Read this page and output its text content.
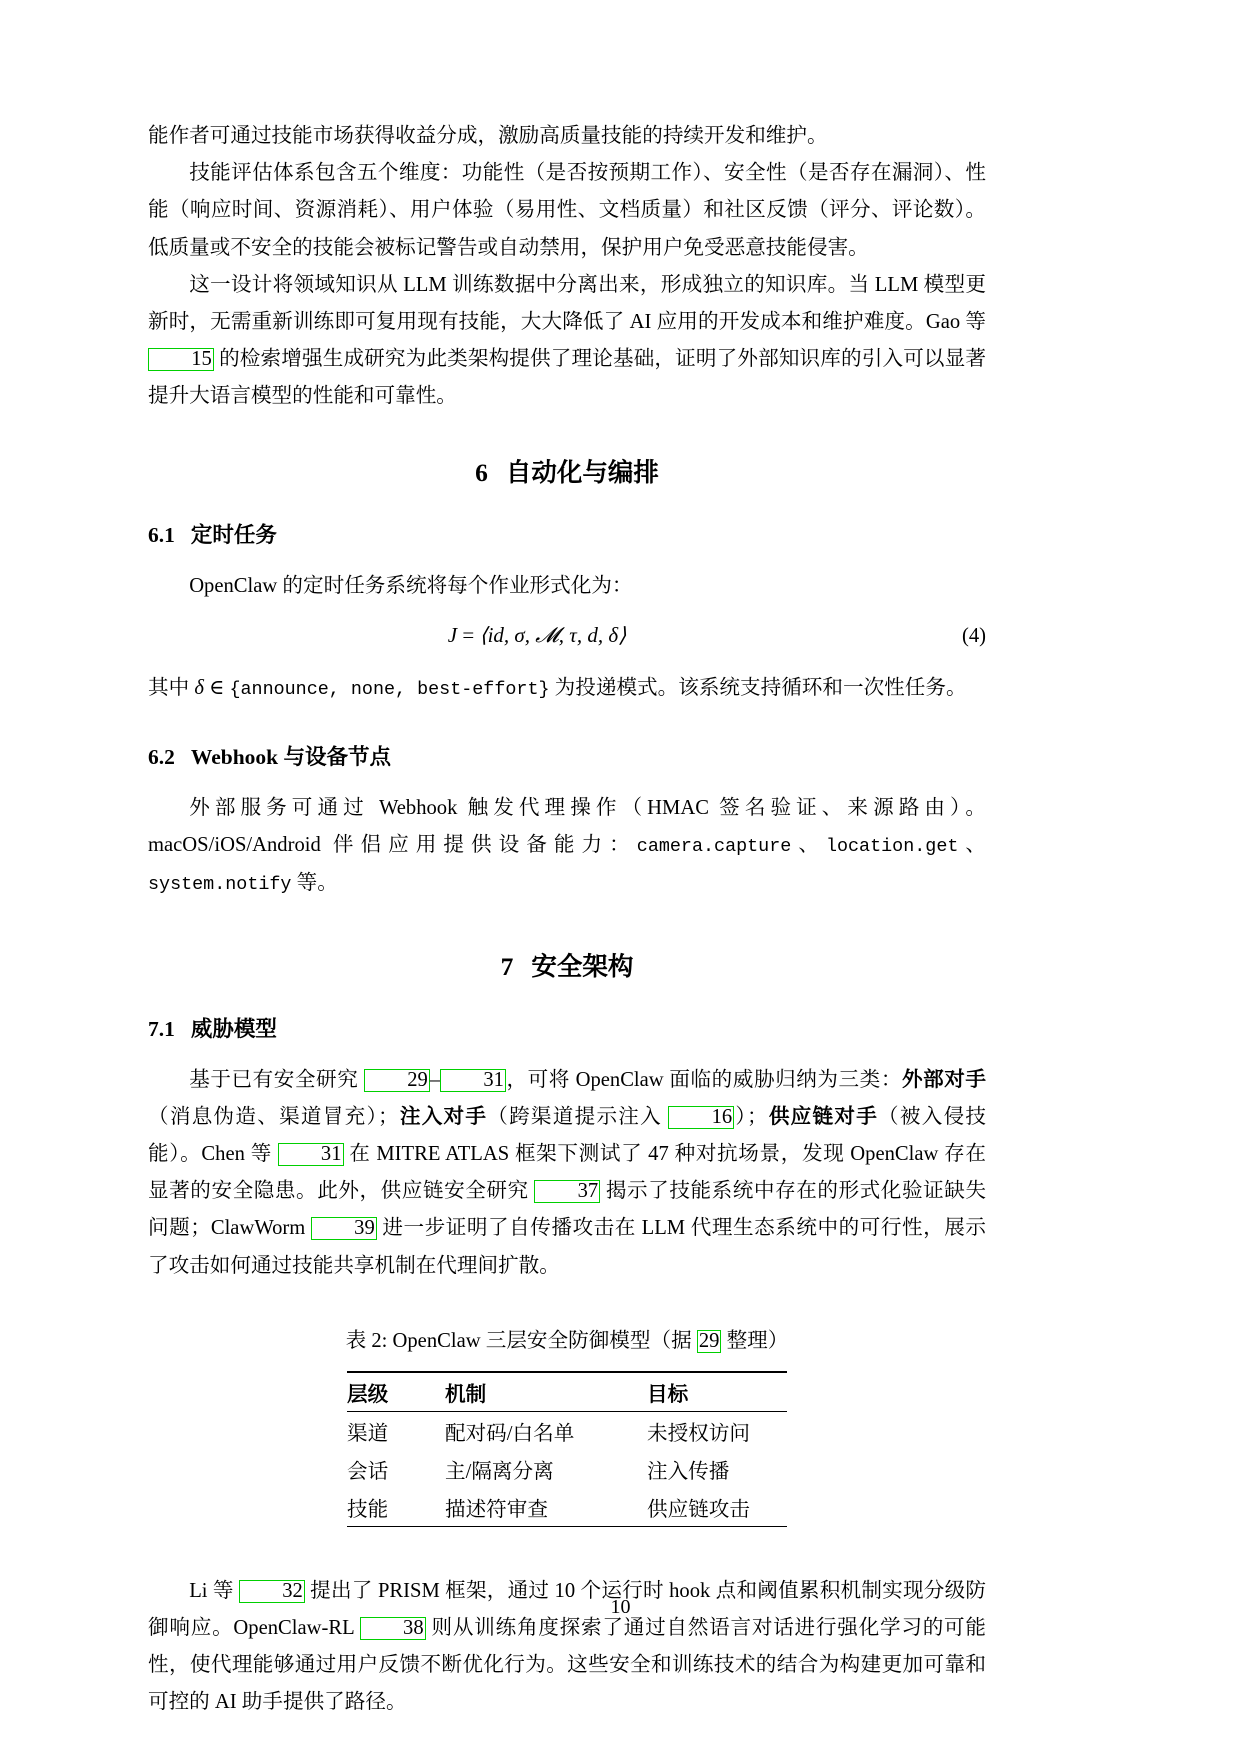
能作者可通过技能市场获得收益分成，激励高质量技能的持续开发和维护。

技能评估体系包含五个维度：功能性（是否按预期工作）、安全性（是否存在漏洞）、性能（响应时间、资源消耗）、用户体验（易用性、文档质量）和社区反馈（评分、评论数）。低质量或不安全的技能会被标记警告或自动禁用，保护用户免受恶意技能侵害。

这一设计将领域知识从 LLM 训练数据中分离出来，形成独立的知识库。当 LLM 模型更新时，无需重新训练即可复用现有技能，大大降低了 AI 应用的开发成本和维护难度。Gao 等 15 的检索增强生成研究为此类架构提供了理论基础，证明了外部知识库的引入可以显著提升大语言模型的性能和可靠性。

6 自动化与编排
6.1 定时任务

OpenClaw 的定时任务系统将每个作业形式化为：

J = ⟨id, σ, 𝓜, τ, d, δ⟩	(4)

其中 δ ∈ {announce, none, best-effort} 为投递模式。该系统支持循环和一次性任务。

6.2 Webhook 与设备节点

外部服务可通过 Webhook 触发代理操作（HMAC 签名验证、来源路由）。macOS/iOS/Android 伴侣应用提供设备能力：camera.capture、location.get、system.notify 等。

7 安全架构
7.1 威胁模型

基于已有安全研究 29– 31，可将 OpenClaw 面临的威胁归纳为三类：外部对手（消息伪造、渠道冒充）；注入对手（跨渠道提示注入 16）；供应链对手（被入侵技能）。Chen 等 31 在 MITRE ATLAS 框架下测试了 47 种对抗场景，发现 OpenClaw 存在显著的安全隐患。此外，供应链安全研究 37 揭示了技能系统中存在的形式化验证缺失问题；ClawWorm 39 进一步证明了自传播攻击在 LLM 代理生态系统中的可行性，展示了攻击如何通过技能共享机制在代理间扩散。

表 2: OpenClaw 三层安全防御模型（据 29 整理）

层级	机制	目标
渠道	配对码/白名单	未授权访问
会话	主/隔离分离	注入传播
技能	描述符审查	供应链攻击

Li 等 32 提出了 PRISM 框架，通过 10 个运行时 hook 点和阈值累积机制实现分级防御响应。OpenClaw-RL 38 则从训练角度探索了通过自然语言对话进行强化学习的可能性，使代理能够通过用户反馈不断优化行为。这些安全和训练技术的结合为构建更加可靠和可控的 AI 助手提供了路径。

10
